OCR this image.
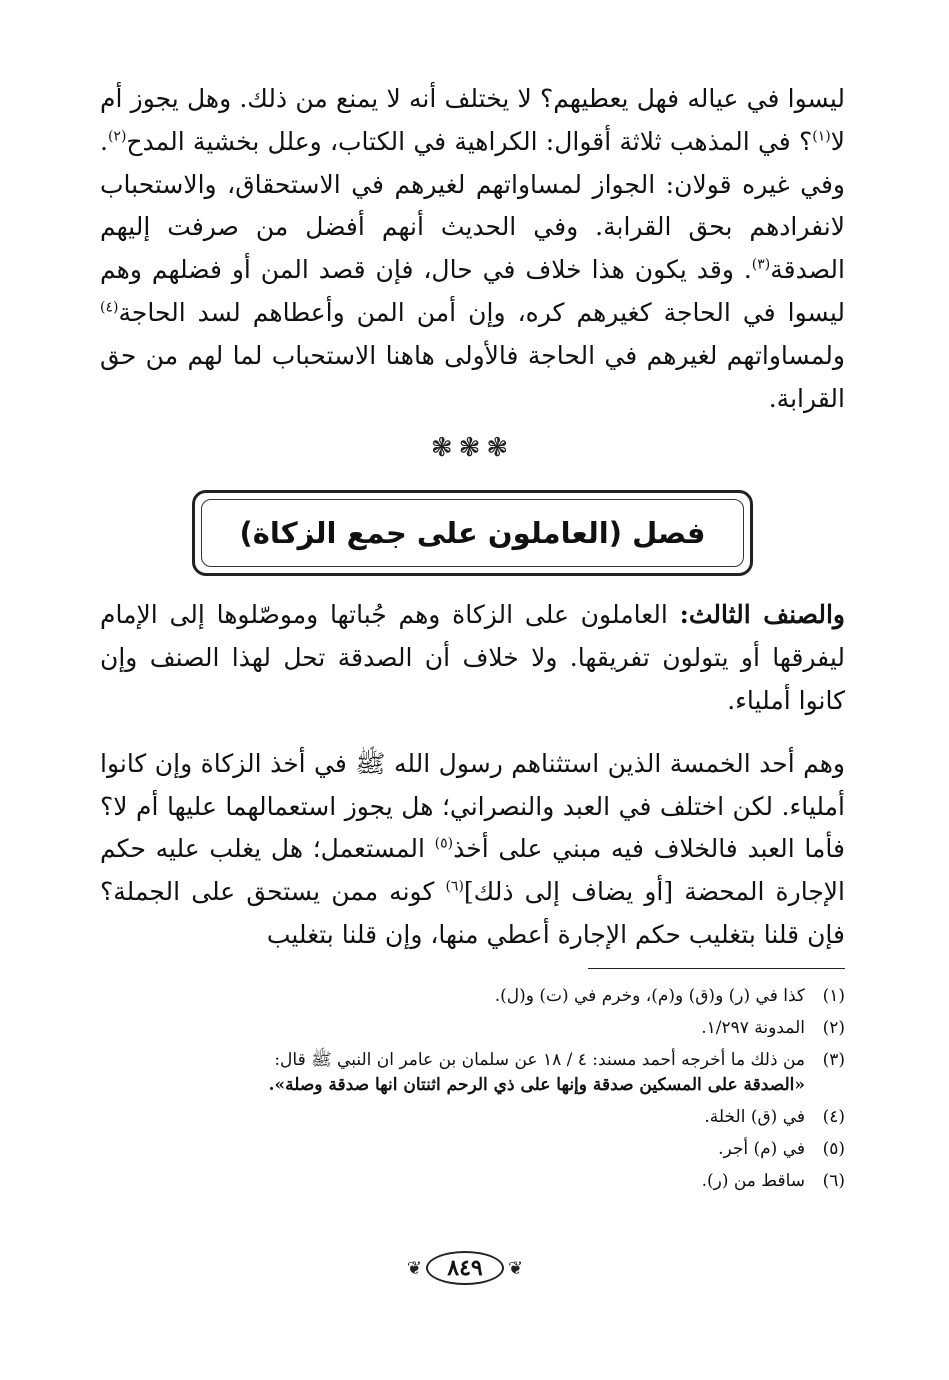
ليسوا في عياله فهل يعطيهم؟ لا يختلف أنه لا يمنع من ذلك. وهل يجوز أم لا$^{(١)}$؟ في المذهب ثلاثة أقوال: الكراهية في الكتاب، وعلل بخشية المدح$^{(٢)}$. وفي غيره قولان: الجواز لمساواتهم لغيرهم في الاستحقاق، والاستحباب لانفرادهم بحق القرابة. وفي الحديث أنهم أفضل من صرفت إليهم الصدقة$^{(٣)}$. وقد يكون هذا خلاف في حال، فإن قصد المن أو فضلهم وهم ليسوا في الحاجة كغيرهم كره، وإن أمن المن وأعطاهم لسد الحاجة$^{(٤)}$ ولمساواتهم لغيرهم في الحاجة فالأولى هاهنا الاستحباب لما لهم من حق القرابة.

❃❃❃
فصل (العاملون على جمع الزكاة)

والصنف الثالث: العاملون على الزكاة وهم جُباتها وموصّلوها إلى الإمام ليفرقها أو يتولون تفريقها. ولا خلاف أن الصدقة تحل لهذا الصنف وإن كانوا أملياء.

وهم أحد الخمسة الذين استثناهم رسول الله ﷺ في أخذ الزكاة وإن كانوا أملياء. لكن اختلف في العبد والنصراني؛ هل يجوز استعمالهما عليها أم لا؟ فأما العبد فالخلاف فيه مبني على أخذ$^{(٥)}$ المستعمل؛ هل يغلب عليه حكم الإجارة المحضة [أو يضاف إلى ذلك]$^{(٦)}$ كونه ممن يستحق على الجملة؟ فإن قلنا بتغليب حكم الإجارة أعطي منها، وإن قلنا بتغليب

(١)
كذا في (ر) و(ق) و(م)، وخرم في (ت) و(ل).
(٢)
المدونة ١/٢٩٧.
(٣)
من ذلك ما أخرجه أحمد مسند: ٤ / ١٨ عن سلمان بن عامر ان النبي ﷺ قال:
«الصدقة على المسكين صدقة وإنها على ذي الرحم اثنتان انها صدقة وصلة».
(٤)
في (ق) الخلة.
(٥)
في (م) أجر.
(٦)
ساقط من (ر).
❦	٨٤٩	❦
